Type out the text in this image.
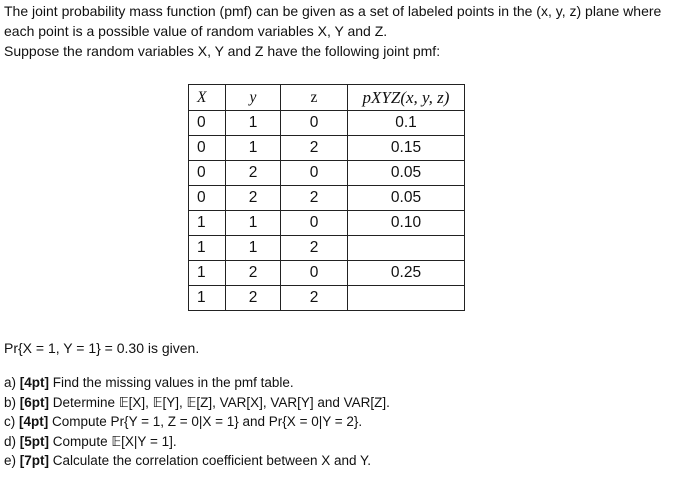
The joint probability mass function (pmf) can be given as a set of labeled points in the (x, y, z) plane where

each point is a possible value of random variables X, Y and Z.

Suppose the random variables X, Y and Z have the following joint pmf:

X	y	z	pXYZ(x, y, z)
0	1	0	0.1
0	1	2	0.15
0	2	0	0.05
0	2	2	0.05
1	1	0	0.10
1	1	2	
1	2	0	0.25
1	2	2	
Pr{X = 1, Y = 1} = 0.30 is given.
a) [4pt] Find the missing values in the pmf table.
b) [6pt] Determine 𝔼[X], 𝔼[Y], 𝔼[Z], VAR[X], VAR[Y] and VAR[Z].
c) [4pt] Compute Pr{Y = 1, Z = 0|X = 1} and Pr{X = 0|Y = 2}.
d) [5pt] Compute 𝔼[X|Y = 1].
e) [7pt] Calculate the correlation coefficient between X and Y.
